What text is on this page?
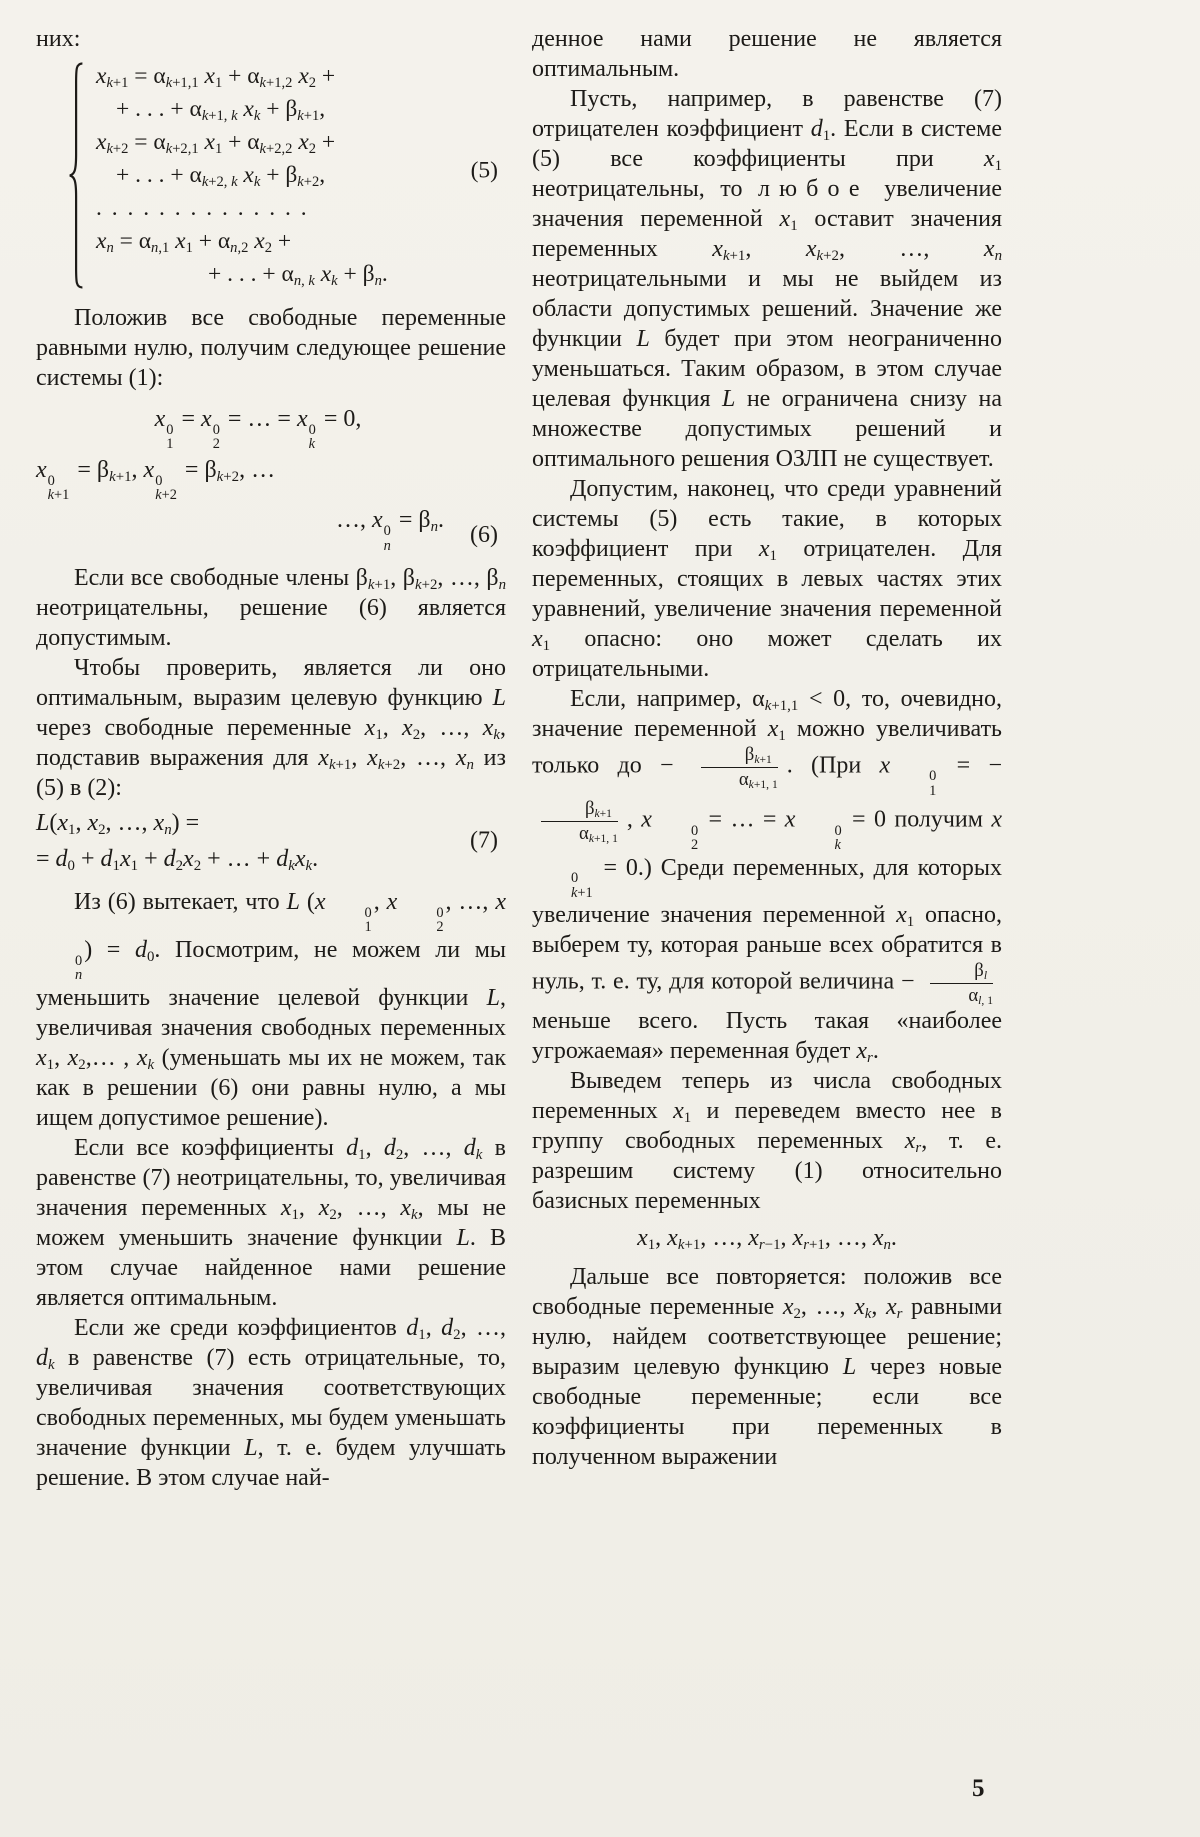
них:

$x_{k+1} = \alpha_{k+1,1}$ $x_1 + \alpha_{k+1,2}$ $x_2$ +
+ . . . + $\alpha_{k+1, k}$ $x_k + \beta_{k+1}$,
$x_{k+2} = \alpha_{k+2,1}$ $x_1 + \alpha_{k+2,2}$ $x_2$ +
+ . . . + $\alpha_{k+2, k}$ $x_k + \beta_{k+2}$,
. . . . . . . . . . . . . .
$x_n = \alpha_{n,1}$ $x_1 + \alpha_{n,2}$ $x_2$ +
+ . . . + $\alpha_{n, k}$ $x_k + \beta_n$.
(5)

Положив все свободные переменные равными нулю, получим следующее решение системы (1):

x 0
1
= x 0
2
= … = x 0
k
= 0,
x 0
k+1
= $\beta_{k+1}$, x 0
k+2
= $\beta_{k+2}$, …
…, x 0
n
= $\beta_n$.
(6)

Если все свободные члены $\beta_{k+1}$, $\beta_{k+2}$, …, $\beta_n$ неотрицательны, решение (6) является допустимым.

Чтобы проверить, является ли оно оптимальным, выразим целевую функцию L через свободные переменные $x_1$, $x_2$, …, $x_k$, подставив выражения для $x_{k+1}$, $x_{k+2}$, …, $x_n$ из (5) в (2):

$L(x_1$, $x_2$, …, $x_n$) =
= $d_0 + d_1x_1 + d_2x_2$ + … + $d_kx_k$.
(7)

Из (6) вытекает, что L (x	0
1
, x	0
2
, …, x
0
n
) = $d_0$. Посмотрим, не можем ли мы уменьшить значение целевой функции L, увеличивая значения свободных переменных $x_1$, $x_2,\dots$ , $x_k$ (уменьшать мы их не можем, так как в решении (6) они равны нулю, а мы ищем допустимое решение).

Если все коэффициенты $d_1$, $d_2$, …, $d_k$ в равенстве (7) неотрицательны, то, увеличивая значения переменных $x_1$, $x_2$, …, $x_k$, мы не можем уменьшить значение функции L. В этом случае найденное нами решение является оптимальным.

Если же среди коэффициентов $d_1$, $d_2$, …, $d_k$ в равенстве (7) есть отрицательные, то, увеличивая значения соответствующих свободных переменных, мы будем уменьшать значение функции L, т. е. будем улучшать решение. В этом случае най-

денное нами решение не является оптимальным.

Пусть, например, в равенстве (7) отрицателен коэффициент $d_1$. Если в системе (5) все коэффициенты при $x_1$ неотрицательны, то любое увеличение значения переменной $x_1$ оставит значения переменных $x_{k+1}$, $x_{k+2}$, …, $x_n$ неотрицательными и мы не выйдем из области допустимых решений. Значение же функции L будет при этом неограниченно уменьшаться. Таким образом, в этом случае целевая функция L не ограничена снизу на множестве допустимых решений и оптимального решения ОЗЛП не существует.

Допустим, наконец, что среди уравнений системы (5) есть такие, в которых коэффициент при $x_1$ отрицателен. Для переменных, стоящих в левых частях этих уравнений, увеличение значения переменной $x_1$ опасно: оно может сделать их отрицательными.

Если, например, $\alpha_{k+1,1} < 0$, то, очевидно, значение переменной $x_1$ можно увеличивать только до − $\frac{\beta_{k+1}}{\alpha_{k+1, 1}}$ . (При x	0
1
= −
$\frac{\beta_{k+1}}{\alpha_{k+1, 1}}$ , x	0
2
= … = x	0
k
= 0 получим x
0
k+1
= 0.) Среди переменных, для которых увеличение значения переменной $x_1$ опасно, выберем ту, которая раньше всех обратится в нуль, т. е. ту, для которой величина − $\frac{\beta_l}{\alpha_{l, 1}}$
меньше всего. Пусть такая «наиболее угрожаемая» переменная будет $x_r$.

Выведем теперь из числа свободных переменных $x_1$ и переведем вместо нее в группу свободных переменных $x_r$, т. е. разрешим систему (1) относительно базисных переменных

$x_1$, $x_{k+1}$, …, $x_{r-1}$, $x_{r+1}$, …, $x_n$.

Дальше все повторяется: положив все свободные переменные $x_2$, …, $x_k$, $x_r$ равными нулю, найдем соответствующее решение; выразим целевую функцию L через новые свободные переменные; если все коэффициенты при переменных в полученном выражении

5
